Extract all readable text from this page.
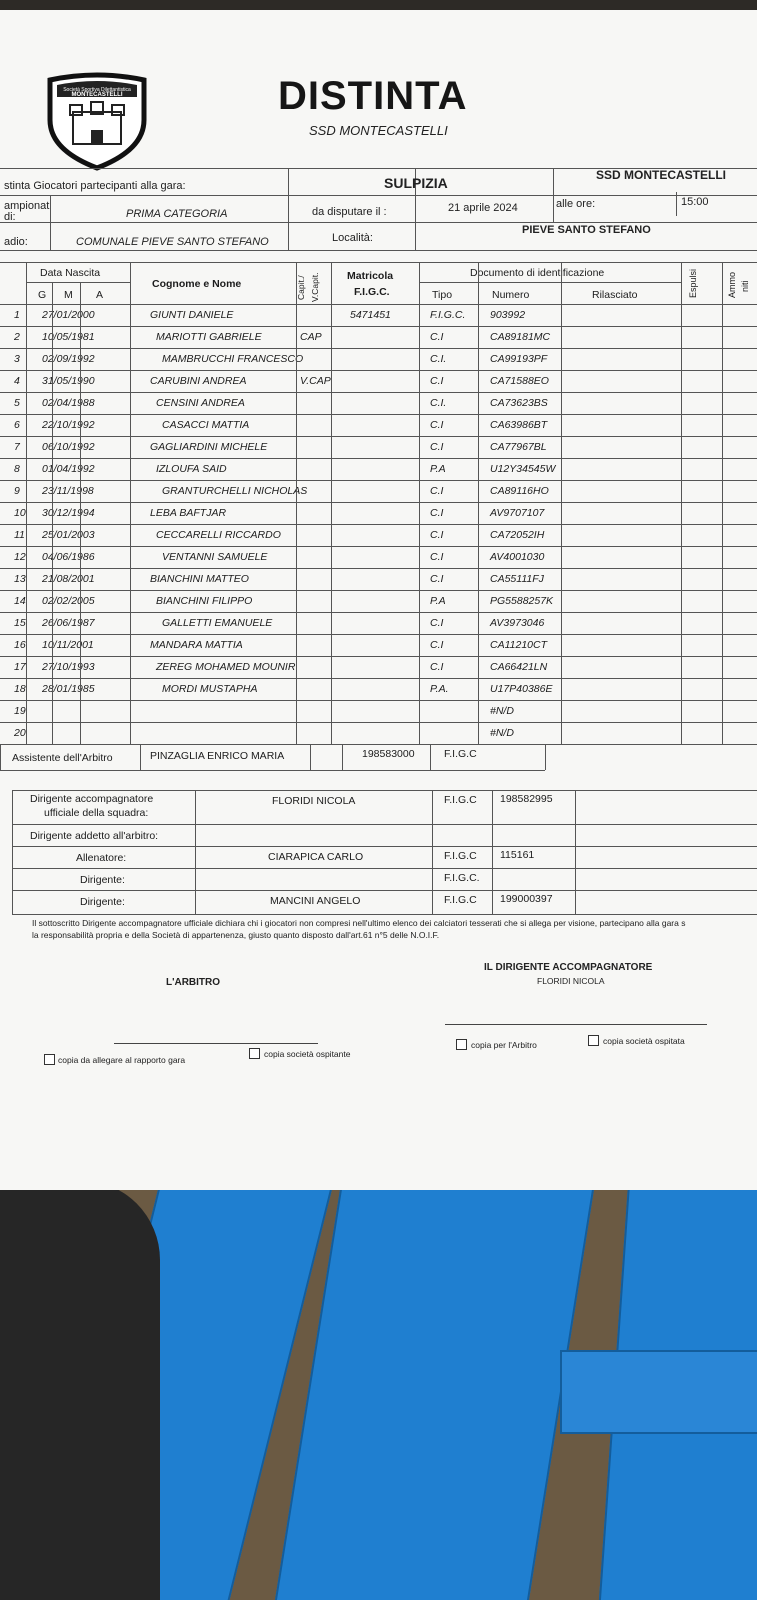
Società Sportiva Dilettantistica
MONTECASTELLI	DISTINTA
SSD MONTECASTELLI
stinta Giocatori partecipanti alla gara:	SULPIZIA	SSD MONTECASTELLI
ampionat
di:	PRIMA CATEGORIA	da disputare il :	21 aprile 2024	alle ore:	15:00
adio:	COMUNALE PIEVE SANTO STEFANO	Località:
PIEVE SANTO STEFANO
Data Nascita
G M A
Cognome e Nome	Capit./ V.Capit.	Matricola
F.I.G.C.
Documento di identificazione
Tipo	Numero	Rilasciato	Espulsi	Ammo niti
1 27/01/2000	GIUNTI DANIELE	5471451	F.I.G.C. 903992
2 10/05/1981	MARIOTTI GABRIELE	CAP	C.I	CA89181MC
3 02/09/1992	MAMBRUCCHI FRANCESCO	C.I.	CA99193PF
4 31/05/1990	CARUBINI ANDREA	V.CAP	C.I	CA71588EO
5 02/04/1988	CENSINI ANDREA	C.I.	CA73623BS
6 22/10/1992	CASACCI MATTIA	C.I	CA63986BT
7 06/10/1992	GAGLIARDINI MICHELE	C.I	CA77967BL
8 01/04/1992	IZLOUFA SAID	P.A	U12Y34545W
9 23/11/1998	GRANTURCHELLI NICHOLAS	C.I	CA89116HO
10 30/12/1994	LEBA BAFTJAR	C.I	AV9707107
11 25/01/2003	CECCARELLI RICCARDO	C.I	CA72052IH
12 04/06/1986	VENTANNI SAMUELE	C.I	AV4001030
13 21/08/2001	BIANCHINI MATTEO	C.I	CA55111FJ
14 02/02/2005	BIANCHINI FILIPPO	P.A	PG5588257K
15 26/06/1987	GALLETTI EMANUELE	C.I	AV3973046
16 10/11/2001	MANDARA MATTIA	C.I	CA11210CT
17 27/10/1993	ZEREG MOHAMED MOUNIR	C.I	CA66421LN
18 28/01/1985	MORDI MUSTAPHA	P.A.	U17P40386E
19	#N/D
20	#N/D
Assistente dell'Arbitro	PINZAGLIA ENRICO MARIA	198583000	F.I.G.C
Dirigente accompagnatore
ufficiale della squadra:
FLORIDI NICOLA	F.I.G.C 198582995
Dirigente addetto all'arbitro:
Allenatore:	CIARAPICA CARLO	F.I.G.C 115161
Dirigente:	F.I.G.C.
Dirigente:	MANCINI ANGELO	F.I.G.C 199000397
Il sottoscritto Dirigente accompagnatore ufficiale dichiara chi i giocatori non compresi nell'ultimo elenco dei calciatori tesserati che si allega per visione, partecipano alla gara s
la responsabilità propria e della Società di appartenenza, giusto quanto disposto dall'art.61 n°5 delle N.O.I.F.
L'ARBITRO
IL DIRIGENTE ACCOMPAGNATORE
FLORIDI NICOLA
copia da allegare al rapporto gara
copia società ospitante
copia per l'Arbitro	copia società ospitata
